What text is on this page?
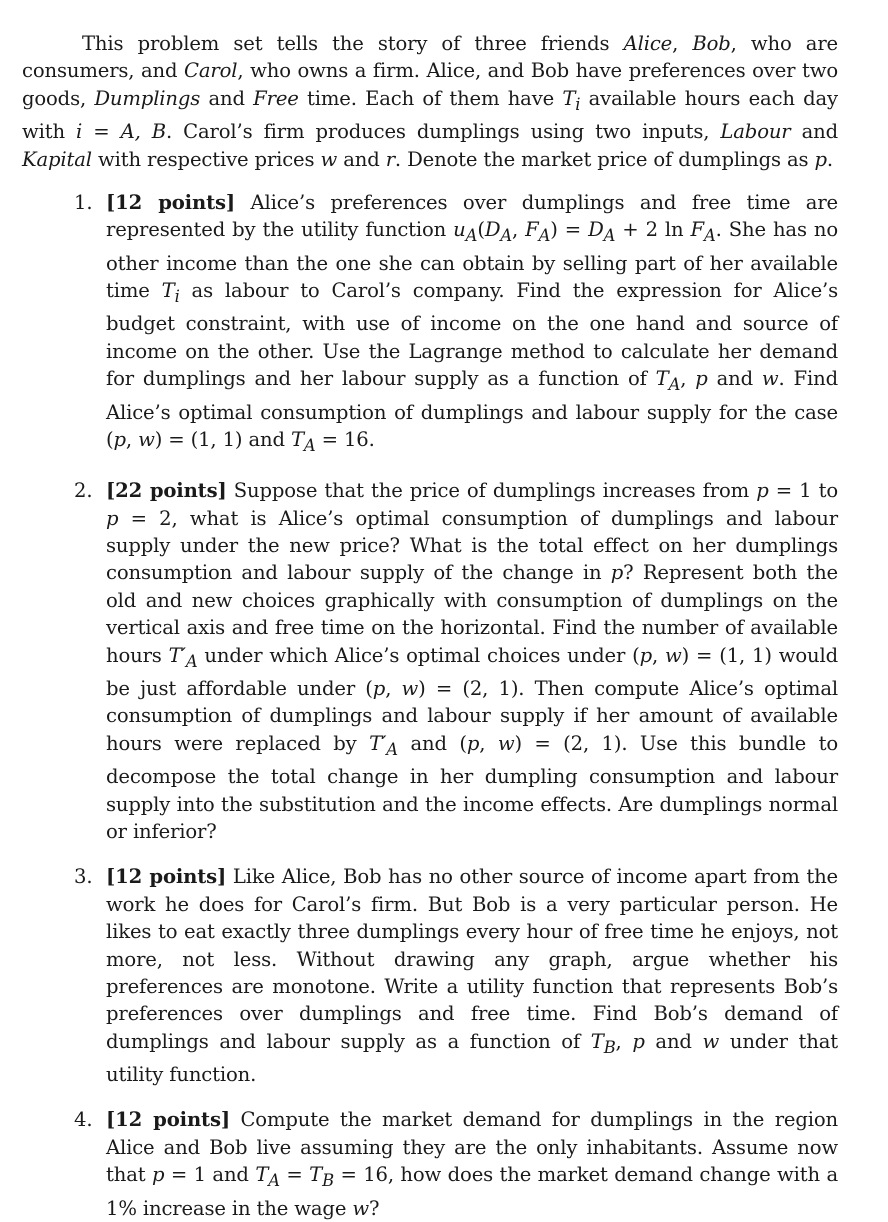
This problem set tells the story of three friends Alice, Bob, who are consumers, and Carol, who owns a firm. Alice, and Bob have preferences over two goods, Dumplings and Free time. Each of them have $T_i$ available hours each day with i = A, B. Carol’s firm produces dumplings using two inputs, Labour and Kapital with respective prices w and r. Denote the market price of dumplings as p.

1. [12 points] Alice’s preferences over dumplings and free time are represented by the utility function $u_A(D_A$, $F_A) = D_A + 2$ $\ln F_A$. She has no other income than the one she can obtain by selling part of her available time $T_i$ as labour to Carol’s company. Find the expression for Alice’s budget constraint, with use of income on the one hand and source of income on the other. Use the Lagrange method to calculate her demand for dumplings and her labour supply as a function of $T_A$, p and w. Find Alice’s optimal consumption of dumplings and labour supply for the case (p, w) = (1, 1) and $T_A = 16$.
2. [22 points] Suppose that the price of dumplings increases from p = 1 to p = 2, what is Alice’s optimal consumption of dumplings and labour supply under the new price? What is the total effect on her dumplings consumption and labour supply of the change in p? Represent both the old and new choices graphically with consumption of dumplings on the vertical axis and free time on the horizontal. Find the number of available hours $T'_A$ under which Alice’s optimal choices under (p, w) = (1, 1) would be just affordable under (p, w) = (2, 1). Then compute Alice’s optimal consumption of dumplings and labour supply if her amount of available hours were replaced by $T'_A$ and (p, w) = (2, 1). Use this bundle to decompose the total change in her dumpling consumption and labour supply into the substitution and the income effects. Are dumplings normal or inferior?
3. [12 points] Like Alice, Bob has no other source of income apart from the work he does for Carol’s firm. But Bob is a very particular person. He likes to eat exactly three dumplings every hour of free time he enjoys, not more, not less. Without drawing any graph, argue whether his preferences are monotone. Write a utility function that represents Bob’s preferences over dumplings and free time. Find Bob’s demand of dumplings and labour supply as a function of $T_B$, p and w under that utility function.
4. [12 points] Compute the market demand for dumplings in the region Alice and Bob live assuming they are the only inhabitants. Assume now that p = 1 and $T_A = T_B = 16$, how does the market demand change with a 1% increase in the wage w?
